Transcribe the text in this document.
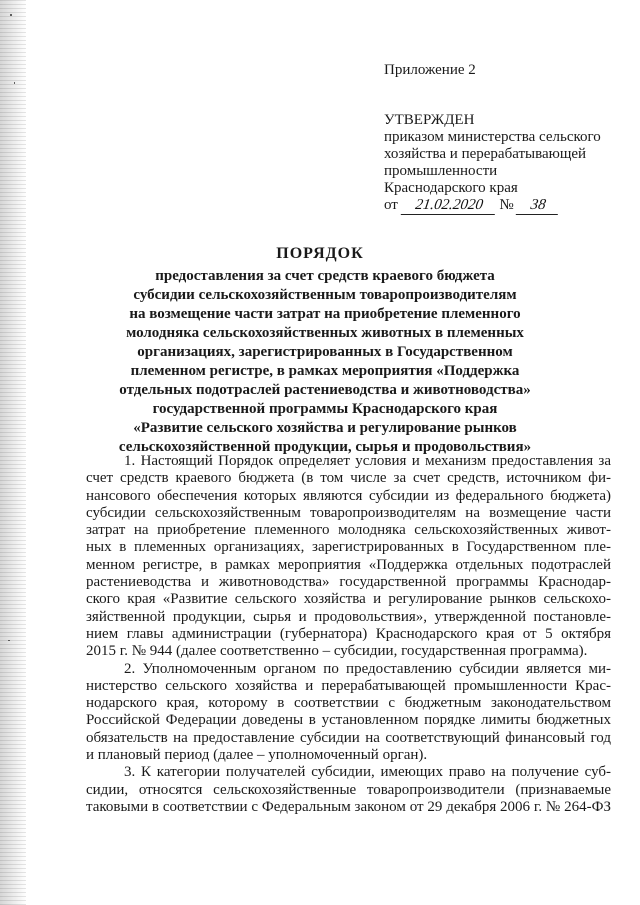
Приложение 2

УТВЕРЖДЕН
приказом министерства сельского
хозяйства и перерабатывающей
промышленности
Краснодарского края
от 21.02.2020 № 38
ПОРЯДОК
предоставления за счет средств краевого бюджета
субсидии сельскохозяйственным товаропроизводителям
на возмещение части затрат на приобретение племенного
молодняка сельскохозяйственных животных в племенных
организациях, зарегистрированных в Государственном
племенном регистре, в рамках мероприятия «Поддержка
отдельных подотраслей растениеводства и животноводства»
государственной программы Краснодарского края
«Развитие сельского хозяйства и регулирование рынков
сельскохозяйственной продукции, сырья и продовольствия»
1. Настоящий Порядок определяет условия и механизм предоставления за
счет средств краевого бюджета (в том числе за счет средств, источником фи-
нансового обеспечения которых являются субсидии из федерального бюджета)
субсидии сельскохозяйственным товаропроизводителям на возмещение части
затрат на приобретение племенного молодняка сельскохозяйственных живот-
ных в племенных организациях, зарегистрированных в Государственном пле-
менном регистре, в рамках мероприятия «Поддержка отдельных подотраслей
растениеводства и животноводства» государственной программы Краснодар-
ского края «Развитие сельского хозяйства и регулирование рынков сельскохо-
зяйственной продукции, сырья и продовольствия», утвержденной постановле-
нием главы администрации (губернатора) Краснодарского края от 5 октября
2015 г. № 944 (далее соответственно – субсидии, государственная программа).
2. Уполномоченным органом по предоставлению субсидии является ми-
нистерство сельского хозяйства и перерабатывающей промышленности Крас-
нодарского края, которому в соответствии с бюджетным законодательством
Российской Федерации доведены в установленном порядке лимиты бюджетных
обязательств на предоставление субсидии на соответствующий финансовый год
и плановый период (далее – уполномоченный орган).
3. К категории получателей субсидии, имеющих право на получение суб-
сидии, относятся сельскохозяйственные товаропроизводители (признаваемые
таковыми в соответствии с Федеральным законом от 29 декабря 2006 г. № 264-ФЗ
